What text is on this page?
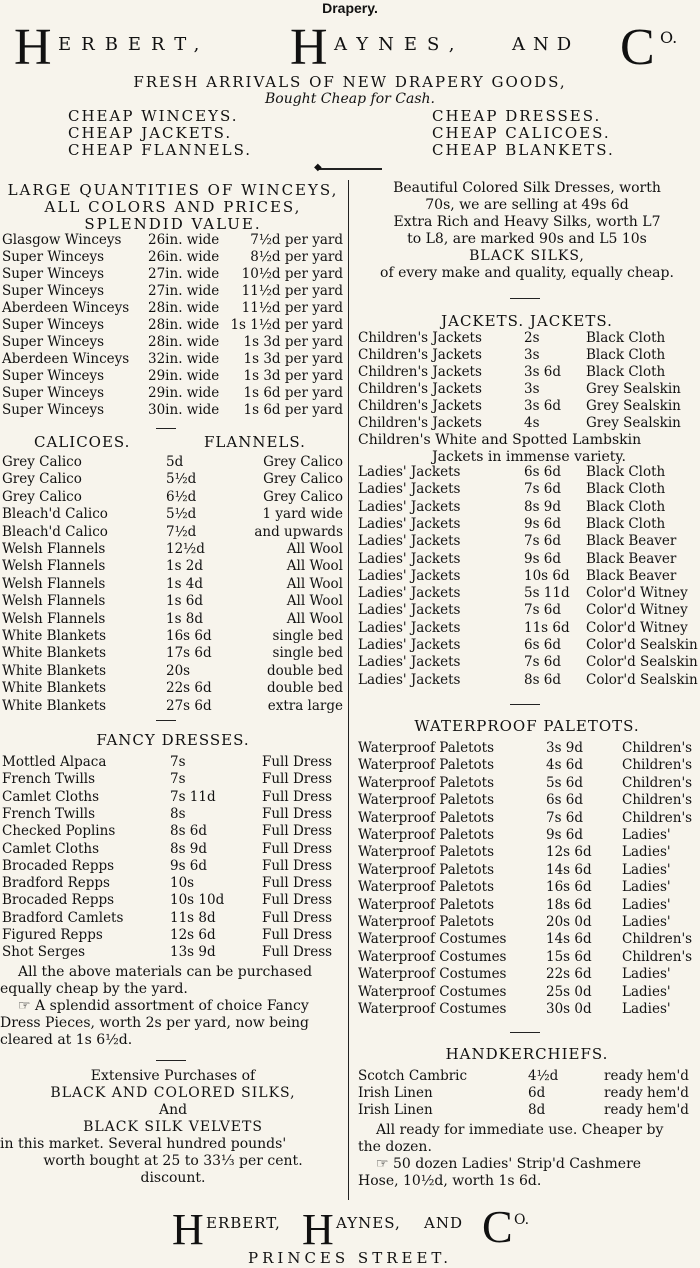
Drapery.
H ERBERT, H AYNES,	AND C O.
FRESH ARRIVALS OF NEW DRAPERY GOODS,
Bought Cheap for Cash.
CHEAP WINCEYS.
CHEAP JACKETS.
CHEAP FLANNELS.
CHEAP DRESSES.
CHEAP CALICOES.
CHEAP BLANKETS.
◆
LARGE QUANTITIES OF WINCEYS,
ALL COLORS AND PRICES,
SPLENDID VALUE.
Glasgow Winceys 26in. wide 7½d per yard
Super Winceys	26in. wide 8½d per yard
Super Winceys	27in. wide 10½d per yard
Super Winceys	27in. wide 11½d per yard
Aberdeen Winceys 28in. wide 11½d per yard
Super Winceys	28in. wide 1s 1½d per yard
Super Winceys	28in. wide 1s 3d per yard
Aberdeen Winceys 32in. wide 1s 3d per yard
Super Winceys	29in. wide 1s 3d per yard
Super Winceys	29in. wide 1s 6d per yard
Super Winceys	30in. wide 1s 6d per yard
CALICOES.	FLANNELS.
Grey Calico	5d	Grey Calico
Grey Calico	5½d	Grey Calico
Grey Calico	6½d	Grey Calico
Bleach'd Calico	5½d	1 yard wide
Bleach'd Calico	7½d	and upwards
Welsh Flannels	12½d	All Wool
Welsh Flannels	1s 2d	All Wool
Welsh Flannels	1s 4d	All Wool
Welsh Flannels	1s 6d	All Wool
Welsh Flannels	1s 8d	All Wool
White Blankets	16s 6d	single bed
White Blankets	17s 6d	single bed
White Blankets	20s	double bed
White Blankets	22s 6d	double bed
White Blankets	27s 6d	extra large
FANCY DRESSES.
Mottled Alpaca	7s	Full Dress
French Twills	7s	Full Dress
Camlet Cloths	7s 11d	Full Dress
French Twills	8s	Full Dress
Checked Poplins	8s 6d	Full Dress
Camlet Cloths	8s 9d	Full Dress
Brocaded Repps	9s 6d	Full Dress
Bradford Repps	10s	Full Dress
Brocaded Repps	10s 10d	Full Dress
Bradford Camlets	11s 8d	Full Dress
Figured Repps	12s 6d	Full Dress
Shot Serges	13s 9d	Full Dress
All the above materials can be purchased
equally cheap by the yard.
☞ A splendid assortment of choice Fancy
Dress Pieces, worth 2s per yard, now being
cleared at 1s 6½d.
Extensive Purchases of
BLACK AND COLORED SILKS,
And
BLACK SILK VELVETS
in this market. Several hundred pounds'
worth bought at 25 to 33⅓ per cent.
discount.
Beautiful Colored Silk Dresses, worth
70s, we are selling at 49s 6d
Extra Rich and Heavy Silks, worth L7
to L8, are marked 90s and L5 10s
BLACK SILKS,
of every make and quality, equally cheap.
JACKETS. JACKETS.
Children's Jackets	2s	Black Cloth
Children's Jackets	3s	Black Cloth
Children's Jackets	3s 6d Black Cloth
Children's Jackets	3s	Grey Sealskin
Children's Jackets	3s 6d Grey Sealskin
Children's Jackets	4s	Grey Sealskin
Children's White and Spotted Lambskin
Jackets in immense variety.
Ladies' Jackets	6s 6d Black Cloth
Ladies' Jackets	7s 6d Black Cloth
Ladies' Jackets	8s 9d Black Cloth
Ladies' Jackets	9s 6d Black Cloth
Ladies' Jackets	7s 6d Black Beaver
Ladies' Jackets	9s 6d Black Beaver
Ladies' Jackets	10s 6d Black Beaver
Ladies' Jackets	5s 11d Color'd Witney
Ladies' Jackets	7s 6d Color'd Witney
Ladies' Jackets	11s 6d Color'd Witney
Ladies' Jackets	6s 6d Color'd Sealskin
Ladies' Jackets	7s 6d Color'd Sealskin
Ladies' Jackets	8s 6d Color'd Sealskin
WATERPROOF PALETOTS.
Waterproof Paletots	3s 9d	Children's
Waterproof Paletots	4s 6d	Children's
Waterproof Paletots	5s 6d	Children's
Waterproof Paletots	6s 6d	Children's
Waterproof Paletots	7s 6d	Children's
Waterproof Paletots	9s 6d	Ladies'
Waterproof Paletots	12s 6d Ladies'
Waterproof Paletots	14s 6d Ladies'
Waterproof Paletots	16s 6d Ladies'
Waterproof Paletots	18s 6d Ladies'
Waterproof Paletots	20s 0d Ladies'
Waterproof Costumes	14s 6d Children's
Waterproof Costumes	15s 6d Children's
Waterproof Costumes	22s 6d Ladies'
Waterproof Costumes	25s 0d Ladies'
Waterproof Costumes	30s 0d Ladies'
HANDKERCHIEFS.
Scotch Cambric	4½d	ready hem'd
Irish Linen	6d	ready hem'd
Irish Linen	8d	ready hem'd
All ready for immediate use. Cheaper by
the dozen.
☞ 50 dozen Ladies' Strip'd Cashmere
Hose, 10½d, worth 1s 6d.
H ERBERT, H AYNES, AND C O.
PRINCES STREET.
